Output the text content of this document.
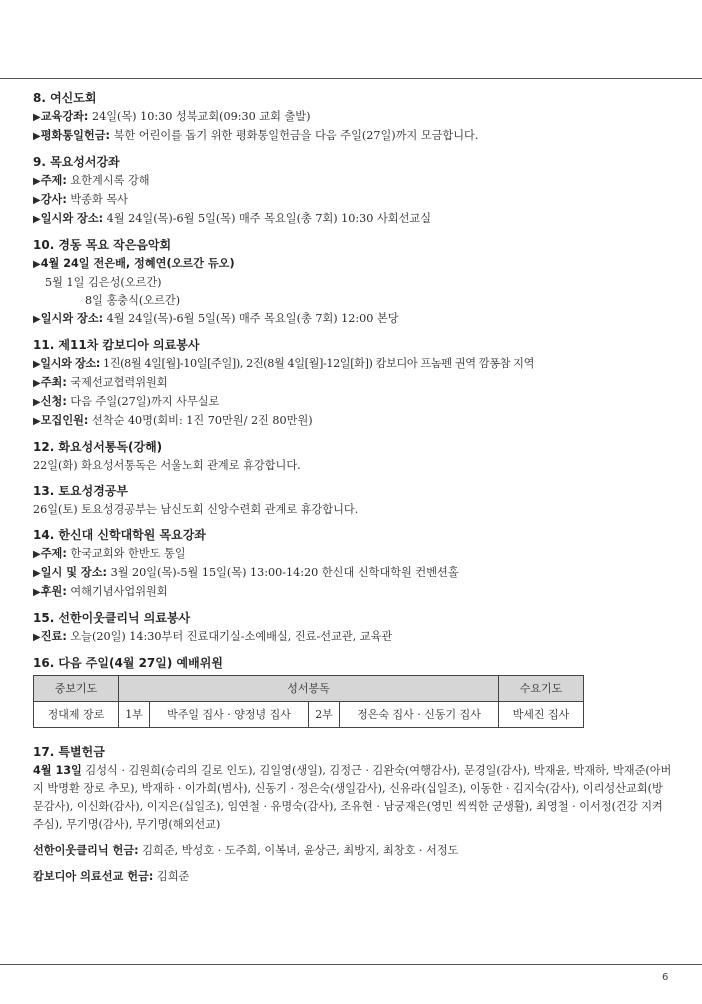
8. 여신도회
▶교육강좌: 24일(목) 10:30 성북교회(09:30 교회 출발)
▶평화통일헌금: 북한 어린이를 돕기 위한 평화통일헌금을 다음 주일(27일)까지 모금합니다.
9. 목요성서강좌
▶주제: 요한계시록 강해
▶강사: 박종화 목사
▶일시와 장소: 4월 24일(목)-6월 5일(목) 매주 목요일(총 7회) 10:30 사회선교실
10. 경동 목요 작은음악회
▶4월 24일 전은배, 정혜연(오르간 듀오)
5월 1일 김은성(오르간)
8일 홍충식(오르간)
▶일시와 장소: 4월 24일(목)-6월 5일(목) 매주 목요일(총 7회) 12:00 본당
11. 제11차 캄보디아 의료봉사
▶일시와 장소: 1진(8월 4일[월]-10일[주일]), 2진(8월 4일[월]-12일[화]) 캄보디아 프놈펜 권역 깜퐁참 지역
▶주최: 국제선교협력위원회
▶신청: 다음 주일(27일)까지 사무실로
▶모집인원: 선착순 40명(회비: 1진 70만원/ 2진 80만원)
12. 화요성서통독(강해)
22일(화) 화요성서통독은 서울노회 관계로 휴강합니다.
13. 토요성경공부
26일(토) 토요성경공부는 남신도회 신앙수련회 관계로 휴강합니다.
14. 한신대 신학대학원 목요강좌
▶주제: 한국교회와 한반도 통일
▶일시 및 장소: 3월 20일(목)-5월 15일(목) 13:00-14:20 한신대 신학대학원 컨벤션홀
▶후원: 여해기념사업위원회
15. 선한이웃클리닉 의료봉사
▶진료: 오늘(20일) 14:30부터 진료대기실-소예배실, 진료-선교관, 교육관
16. 다음 주일(4월 27일) 예배위원
중보기도	성서봉독				수요기도
정대제 장로	1부	박주일 집사 · 양정녕 집사	2부	정은숙 집사 · 신동기 집사	박세진 집사
17. 특별헌금
4월 13일 김성식 · 김원희(승리의 길로 인도), 김일영(생일), 김정근 · 김완숙(여행감사), 문경일(감사), 박재윤, 박재하, 박재준(아버지 박명환 장로 추모), 박재하 · 이가희(범사), 신동기 · 정은숙(생일감사), 신유라(십일조), 이동한 · 김지숙(감사), 이리성산교회(방문감사), 이신화(감사), 이지은(십일조), 임연철 · 유명숙(감사), 조유현 · 남궁재은(영민 씩씩한 군생활), 최영철 · 이서정(건강 지켜 주심), 무기명(감사), 무기명(해외선교)
선한이웃클리닉 헌금: 김희준, 박성호 · 도주희, 이복녀, 윤상근, 최방지, 최창호 · 서정도
캄보디아 의료선교 헌금: 김희준
6
